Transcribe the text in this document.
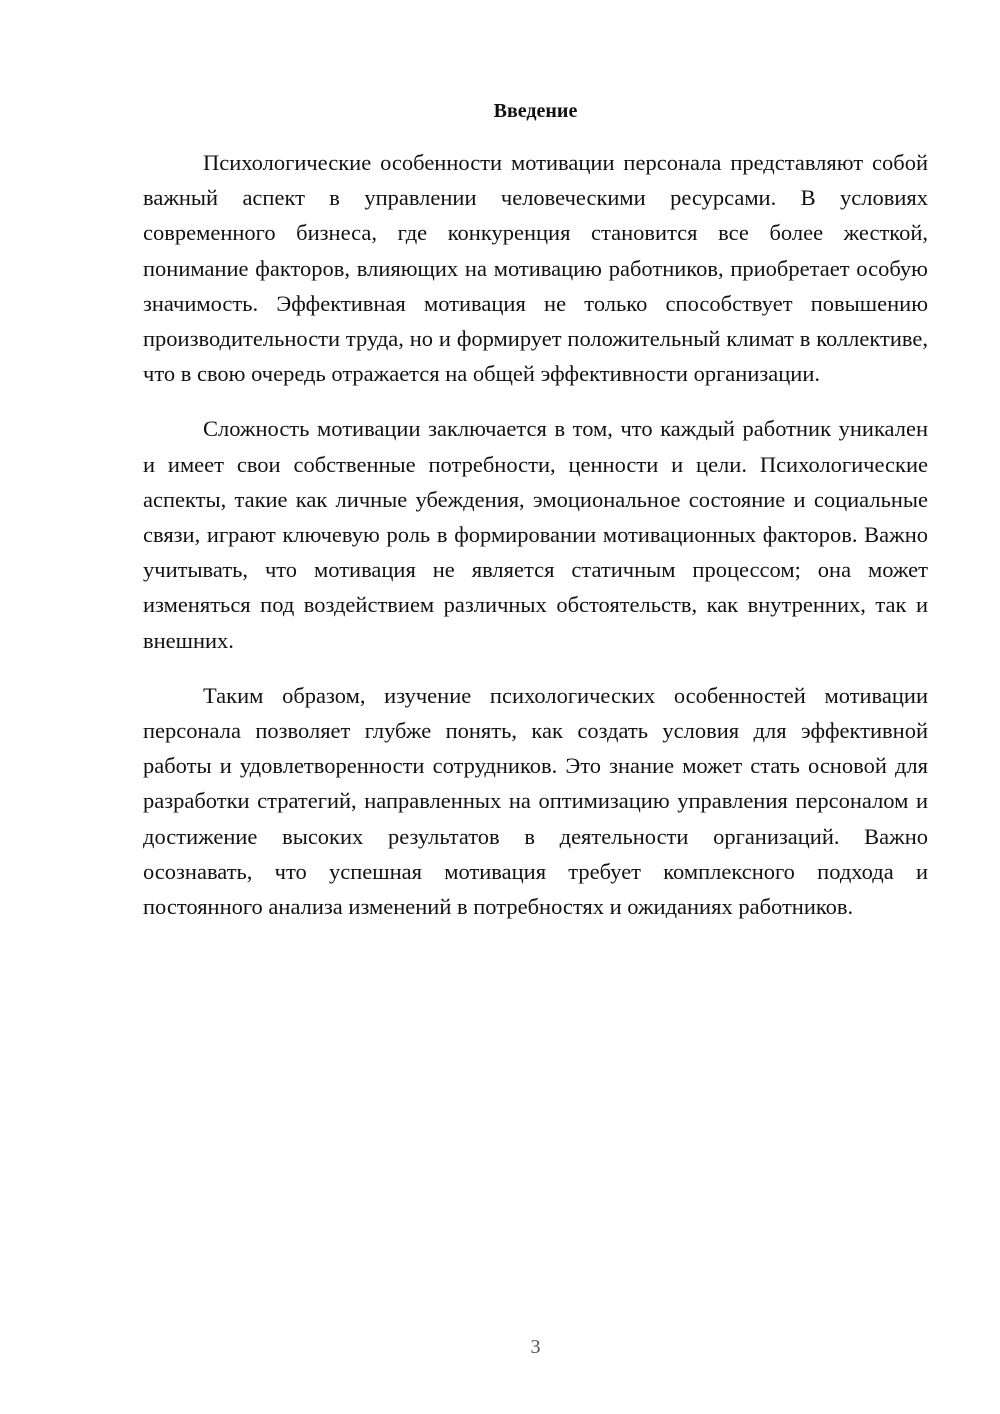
Введение

Психологические особенности мотивации персонала представляют собой важный аспект в управлении человеческими ресурсами. В условиях современного бизнеса, где конкуренция становится все более жесткой, понимание факторов, влияющих на мотивацию работников, приобретает особую значимость. Эффективная мотивация не только способствует повышению производительности труда, но и формирует положительный климат в коллективе, что в свою очередь отражается на общей эффективности организации.

Сложность мотивации заключается в том, что каждый работник уникален и имеет свои собственные потребности, ценности и цели. Психологические аспекты, такие как личные убеждения, эмоциональное состояние и социальные связи, играют ключевую роль в формировании мотивационных факторов. Важно учитывать, что мотивация не является статичным процессом; она может изменяться под воздействием различных обстоятельств, как внутренних, так и внешних.

Таким образом, изучение психологических особенностей мотивации персонала позволяет глубже понять, как создать условия для эффективной работы и удовлетворенности сотрудников. Это знание может стать основой для разработки стратегий, направленных на оптимизацию управления персоналом и достижение высоких результатов в деятельности организаций. Важно осознавать, что успешная мотивация требует комплексного подхода и постоянного анализа изменений в потребностях и ожиданиях работников.

3
